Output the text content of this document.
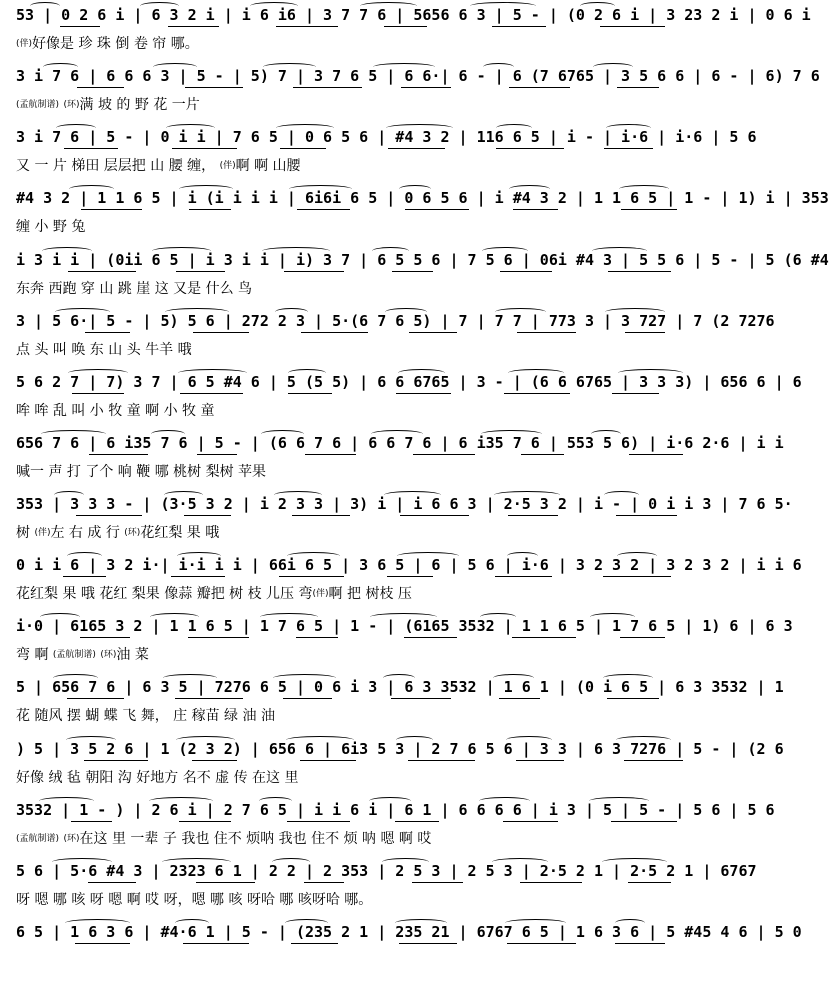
53 | 0 2 6 i | 6 3 2 i | i 6 i6 | 3 7 7 6 | 5656 6 3 | 5 - | (0 2 6 i | 3 23 2 i | 0 6 i
(伴)好像是 珍 珠 倒 卷 帘 哪。
3 i 7 6 | 6 6 6 3 | 5 - | 5) 7 | 3 7 6 5 | 6 6·| 6 - | 6 (7 6765 | 3 5 6 6 | 6 - | 6) 7 6
(孟航制谱) (环)满 坡 的 野 花 一片
3 i 7 6 | 5 - | 0 i i | 7 6 5 | 0 6 5 6 | #4 3 2 | 116 6 5 | i - | i·6 | i·6 | 5 6
又 一 片 梯田 层层把 山 腰 缠， (伴)啊 啊 山腰
#4 3 2 | 1 1 6 5 | i (i i i i | 6i6i 6 5 | 0 6 5 6 | i #4 3 2 | 1 1 6 5 | 1 - | 1) i | 353
缠 小 野 兔
i 3 i i | (0ii 6 5 | i 3 i i | i) 3 7 | 6 5 5 6 | 7 5 6 | 06i #4 3 | 5 5 6 | 5 - | 5 (6 #4
东奔 西跑 穿 山 跳 崖 这 又是 什么 鸟
3 | 5 6·| 5 - | 5) 5 6 | 272 2 3 | 5·(6 7 6 5) | 7 | 7 7 | 773 3 | 3 727 | 7 (2 7276
点 头 叫 唤 东 山 头 牛羊 哦
5 6 2 7 | 7) 3 7 | 6 5 #4 6 | 5 (5 5) | 6 6 6765 | 3 - | (6 6 6765 | 3 3 3) | 656 6 | 6
哞 哞 乱 叫 小 牧 童 啊 小 牧 童
656 7 6 | 6 i35 7 6 | 5 - | (6 6 7 6 | 6 6 7 6 | 6 i35 7 6 | 553 5 6) | i·6 2·6 | i i
喊一 声 打 了个 响 鞭 哪 桃树 梨树 苹果
353 | 3 3 3 - | (3·5 3 2 | i 2 3 3 | 3) i | i 6 6 3 | 2·5 3 2 | i - | 0 i i 3 | 7 6 5·
树 (伴)左 右 成 行 (环)花红梨 果 哦
0 i i 6 | 3 2 i·| i·i i i | 66i 6 5 | 3 6 5 | 6 | 5 6 | i·6 | 3 2 3 2 | 3 2 3 2 | i i 6
花红梨 果 哦 花红 梨果 像蒜 瓣把 树 枝 儿压 弯(伴)啊 把 树枝 压
i·0 | 6165 3 2 | 1 1 6 5 | 1 7 6 5 | 1 - | (6165 3532 | 1 1 6 5 | 1 7 6 5 | 1) 6 | 6 3
弯 啊 (孟航制谱) (环)油 菜
5 | 656 7 6 | 6 3 5 | 7276 6 5 | 0 6 i 3 | 6 3 3532 | 1 6 1 | (0 i 6 5 | 6 3 3532 | 1
花 随风 摆 蝴 蝶 飞 舞， 庄 稼苗 绿 油 油
) 5 | 3 5 2 6 | 1 (2 3 2) | 656 6 | 6i3 5 3 | 2 7 6 5 6 | 3 3 | 6 3 7276 | 5 - | (2 6
好像 绒 毡 朝阳 沟 好地方 名不 虚 传 在这 里
3532 | 1 - ) | 2 6 i | 2 7 6 5 | i i 6 i | 6 1 | 6 6 6 6 | i 3 | 5 | 5 - | 5 6 | 5 6
(孟航制谱) (环)在这 里 一辈 子 我也 住不 烦呐 我也 住不 烦 呐 嗯 啊 哎
5 6 | 5·6 #4 3 | 2323 6 1 | 2 2 | 2 353 | 2 5 3 | 2 5 3 | 2·5 2 1 | 2·5 2 1 | 6767
呀 嗯 哪 咳 呀 嗯 啊 哎 呀，嗯 哪 咳 呀哈 哪 咳呀哈 哪。
6 5 | 1 6 3 6 | #4·6 1 | 5 - | (235 2 1 | 235 21 | 6767 6 5 | 1 6 3 6 | 5 #45 4 6 | 5 0
